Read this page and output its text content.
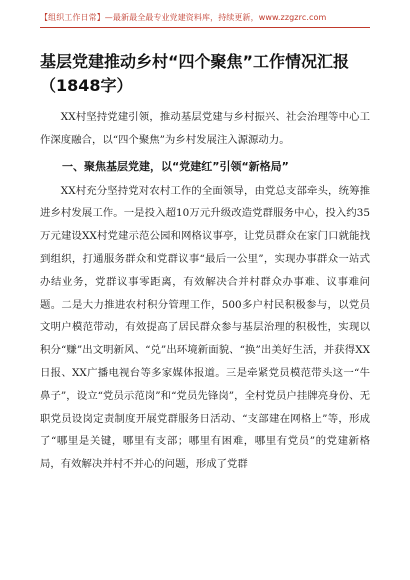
【组织工作日常】—最新最全最专业党建资料库，持续更新，www.zzgzrc.com
基层党建推动乡村“四个聚焦”工作情况汇报（1848字）

XX村坚持党建引领，推动基层党建与乡村振兴、社会治理等中心工作深度融合，以“四个聚焦”为乡村发展注入源源动力。

一、聚焦基层党建，以“党建红”引领“新格局”

XX村充分坚持党对农村工作的全面领导，由党总支部牵头，统筹推进乡村发展工作。一是投入超10万元升级改造党群服务中心，投入约35万元建设XX村党建示范公园和网格议事亭，让党员群众在家门口就能找到组织，打通服务群众和党群议事“最后一公里”，实现办事群众一站式办结业务，党群议事零距离，有效解决合并村群众办事难、议事难问题。二是大力推进农村积分管理工作，500多户村民积极参与，以党员文明户模范带动，有效提高了居民群众参与基层治理的积极性，实现以积分“赚”出文明新风、“兑”出环境新面貌、“换”出美好生活，并获得XX日报、XX广播电视台等多家媒体报道。三是牵紧党员模范带头这一“牛鼻子”，设立“党员示范岗”和“党员先锋岗”，全村党员户挂牌亮身份、无职党员设岗定责制度开展党群服务日活动、“支部建在网格上”等，形成了“哪里是关键，哪里有支部；哪里有困难，哪里有党员”的党建新格局，有效解决并村不并心的问题，形成了党群
